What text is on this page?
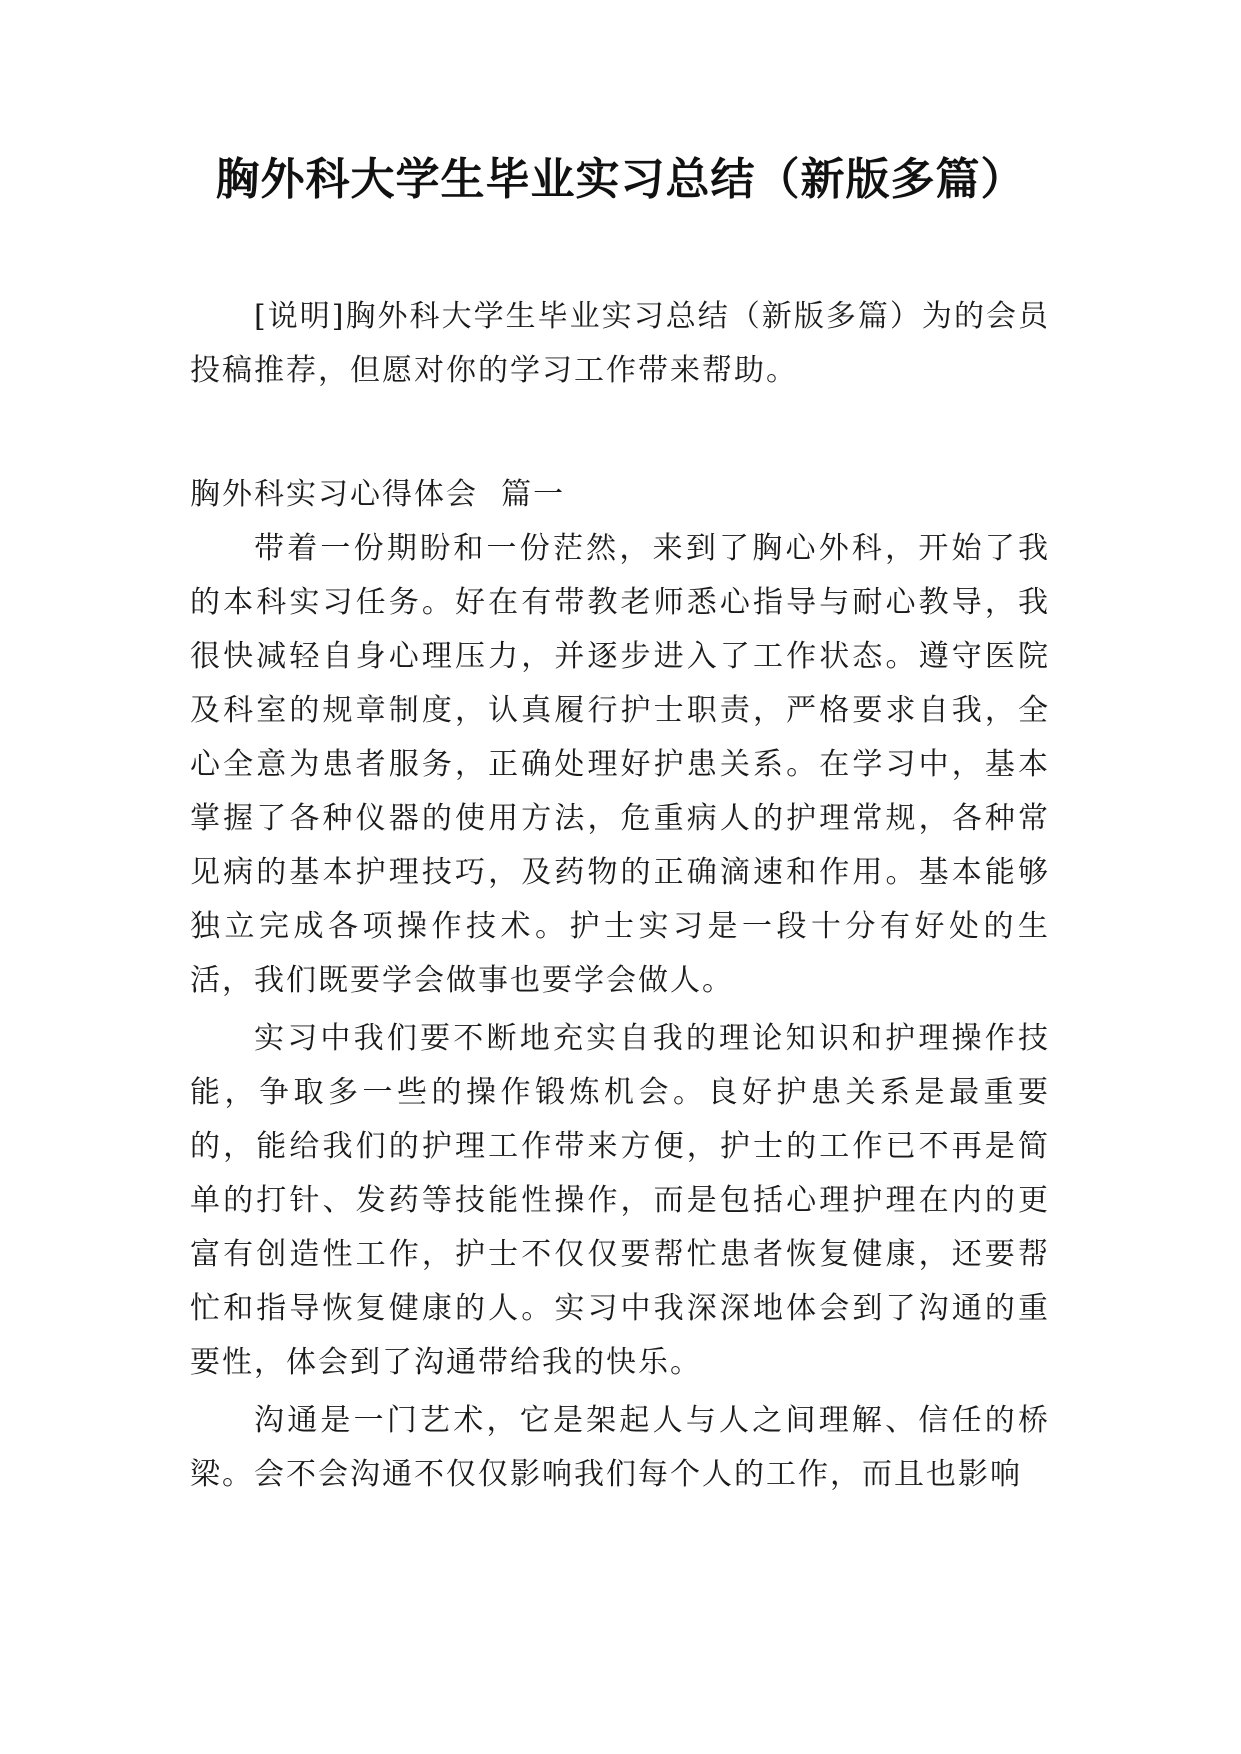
胸外科大学生毕业实习总结（新版多篇）

[说明]胸外科大学生毕业实习总结（新版多篇）为的会员投稿推荐，但愿对你的学习工作带来帮助。

胸外科实习心得体会  篇一

带着一份期盼和一份茫然，来到了胸心外科，开始了我的本科实习任务。好在有带教老师悉心指导与耐心教导，我很快减轻自身心理压力，并逐步进入了工作状态。遵守医院及科室的规章制度，认真履行护士职责，严格要求自我，全心全意为患者服务，正确处理好护患关系。在学习中，基本掌握了各种仪器的使用方法，危重病人的护理常规，各种常见病的基本护理技巧，及药物的正确滴速和作用。基本能够独立完成各项操作技术。护士实习是一段十分有好处的生活，我们既要学会做事也要学会做人。

实习中我们要不断地充实自我的理论知识和护理操作技能，争取多一些的操作锻炼机会。良好护患关系是最重要的，能给我们的护理工作带来方便，护士的工作已不再是简单的打针、发药等技能性操作，而是包括心理护理在内的更富有创造性工作，护士不仅仅要帮忙患者恢复健康，还要帮忙和指导恢复健康的人。实习中我深深地体会到了沟通的重要性，体会到了沟通带给我的快乐。

沟通是一门艺术，它是架起人与人之间理解、信任的桥梁。会不会沟通不仅仅影响我们每个人的工作，而且也影响
